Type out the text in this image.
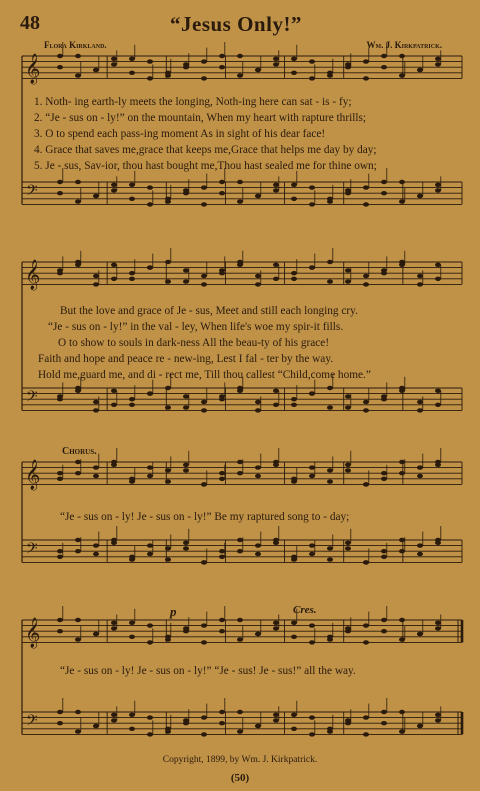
48	“Jesus Only!”
Flora Kirkland.	Wm. J. Kirkpatrick.
𝄞
𝄢
𝄞
𝄢
𝄞
𝄢
𝄞
𝄢
1. Noth- ing earth-ly meets the longing, Noth-ing here can sat - is - fy;
2. “Je - sus on - ly!” on the mountain, When my heart with rapture thrills;
3. O to spend each pass-ing moment As in sight of his dear face!
4. Grace that saves me,grace that keeps me,Grace that helps me day by day;
5. Je - sus, Sav-ior, thou hast bought me,Thou hast sealed me for thine own;
But the love and grace of Je - sus, Meet and still each longing cry.
“Je - sus on - ly!” in the val - ley, When life's woe my spir-it fills.
O to show to souls in dark-ness All the beau-ty of his grace!
Faith and hope and peace re - new-ing, Lest I fal - ter by the way.
Hold me,guard me, and di - rect me, Till thou callest “Child,come home.”
Chorus.
“Je - sus on - ly! Je - sus on - ly!” Be my raptured song to - day;
p	Cres.
“Je - sus on - ly! Je - sus on - ly!” “Je - sus! Je - sus!” all the way.
Copyright, 1899, by Wm. J. Kirkpatrick.
(50)
